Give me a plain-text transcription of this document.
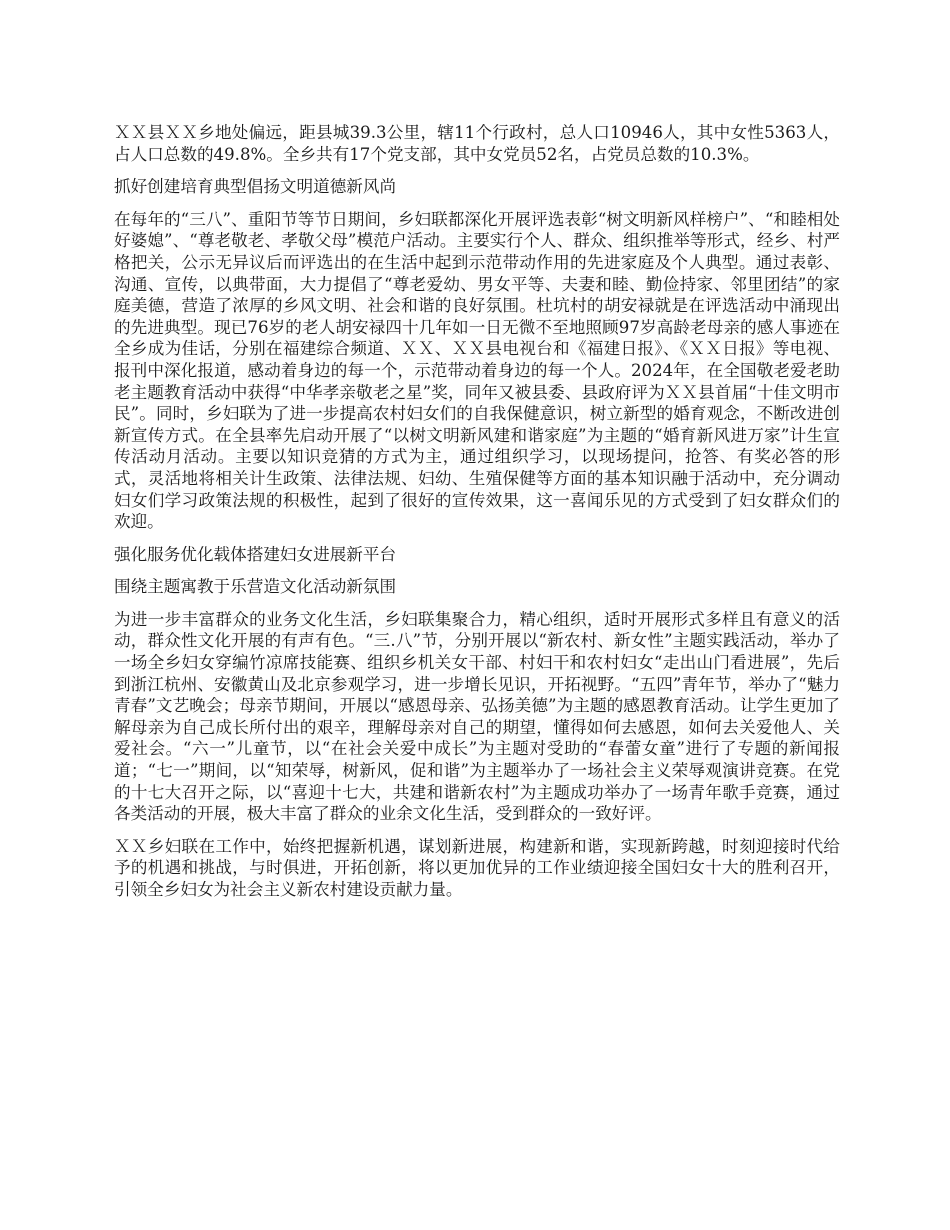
ＸＸ县ＸＸ乡地处偏远，距县城39.3公里，辖11个行政村，总人口10946人，其中女性5363人，占人口总数的49.8%。全乡共有17个党支部，其中女党员52名，占党员总数的10.3%。

抓好创建培育典型倡扬文明道德新风尚

在每年的“三八”、重阳节等节日期间，乡妇联都深化开展评选表彰“树文明新风样榜户”、“和睦相处好婆媳”、“尊老敬老、孝敬父母”模范户活动。主要实行个人、群众、组织推举等形式，经乡、村严格把关，公示无异议后而评选出的在生活中起到示范带动作用的先进家庭及个人典型。通过表彰、沟通、宣传，以典带面，大力提倡了“尊老爱幼、男女平等、夫妻和睦、勤俭持家、邻里团结”的家庭美德，营造了浓厚的乡风文明、社会和谐的良好氛围。杜坑村的胡安禄就是在评选活动中涌现出的先进典型。现已76岁的老人胡安禄四十几年如一日无微不至地照顾97岁高龄老母亲的感人事迹在全乡成为佳话，分别在福建综合频道、ＸＸ、ＸＸ县电视台和《福建日报》、《ＸＸ日报》等电视、报刊中深化报道，感动着身边的每一个，示范带动着身边的每一个人。2024年，在全国敬老爱老助老主题教育活动中获得“中华孝亲敬老之星”奖，同年又被县委、县政府评为ＸＸ县首届“十佳文明市民”。同时，乡妇联为了进一步提高农村妇女们的自我保健意识，树立新型的婚育观念，不断改进创新宣传方式。在全县率先启动开展了“以树文明新风建和谐家庭”为主题的“婚育新风进万家”计生宣传活动月活动。主要以知识竞猜的方式为主，通过组织学习，以现场提问，抢答、有奖必答的形式，灵活地将相关计生政策、法律法规、妇幼、生殖保健等方面的基本知识融于活动中，充分调动妇女们学习政策法规的积极性，起到了很好的宣传效果，这一喜闻乐见的方式受到了妇女群众们的欢迎。

强化服务优化载体搭建妇女进展新平台

围绕主题寓教于乐营造文化活动新氛围

为进一步丰富群众的业务文化生活，乡妇联集聚合力，精心组织，适时开展形式多样且有意义的活动，群众性文化开展的有声有色。“三.八”节，分别开展以“新农村、新女性”主题实践活动，举办了一场全乡妇女穿编竹凉席技能赛、组织乡机关女干部、村妇干和农村妇女“走出山门看进展”，先后到浙江杭州、安徽黄山及北京参观学习，进一步增长见识，开拓视野。“五四”青年节，举办了“魅力青春”文艺晚会；母亲节期间，开展以“感恩母亲、弘扬美德”为主题的感恩教育活动。让学生更加了解母亲为自己成长所付出的艰辛，理解母亲对自己的期望，懂得如何去感恩，如何去关爱他人、关爱社会。“六一”儿童节，以“在社会关爱中成长”为主题对受助的“春蕾女童”进行了专题的新闻报道；“七一”期间，以“知荣辱，树新风，促和谐”为主题举办了一场社会主义荣辱观演讲竞赛。在党的十七大召开之际，以“喜迎十七大，共建和谐新农村”为主题成功举办了一场青年歌手竞赛，通过各类活动的开展，极大丰富了群众的业余文化生活，受到群众的一致好评。

ＸＸ乡妇联在工作中，始终把握新机遇，谋划新进展，构建新和谐，实现新跨越，时刻迎接时代给予的机遇和挑战，与时俱进，开拓创新，将以更加优异的工作业绩迎接全国妇女十大的胜利召开，引领全乡妇女为社会主义新农村建设贡献力量。
